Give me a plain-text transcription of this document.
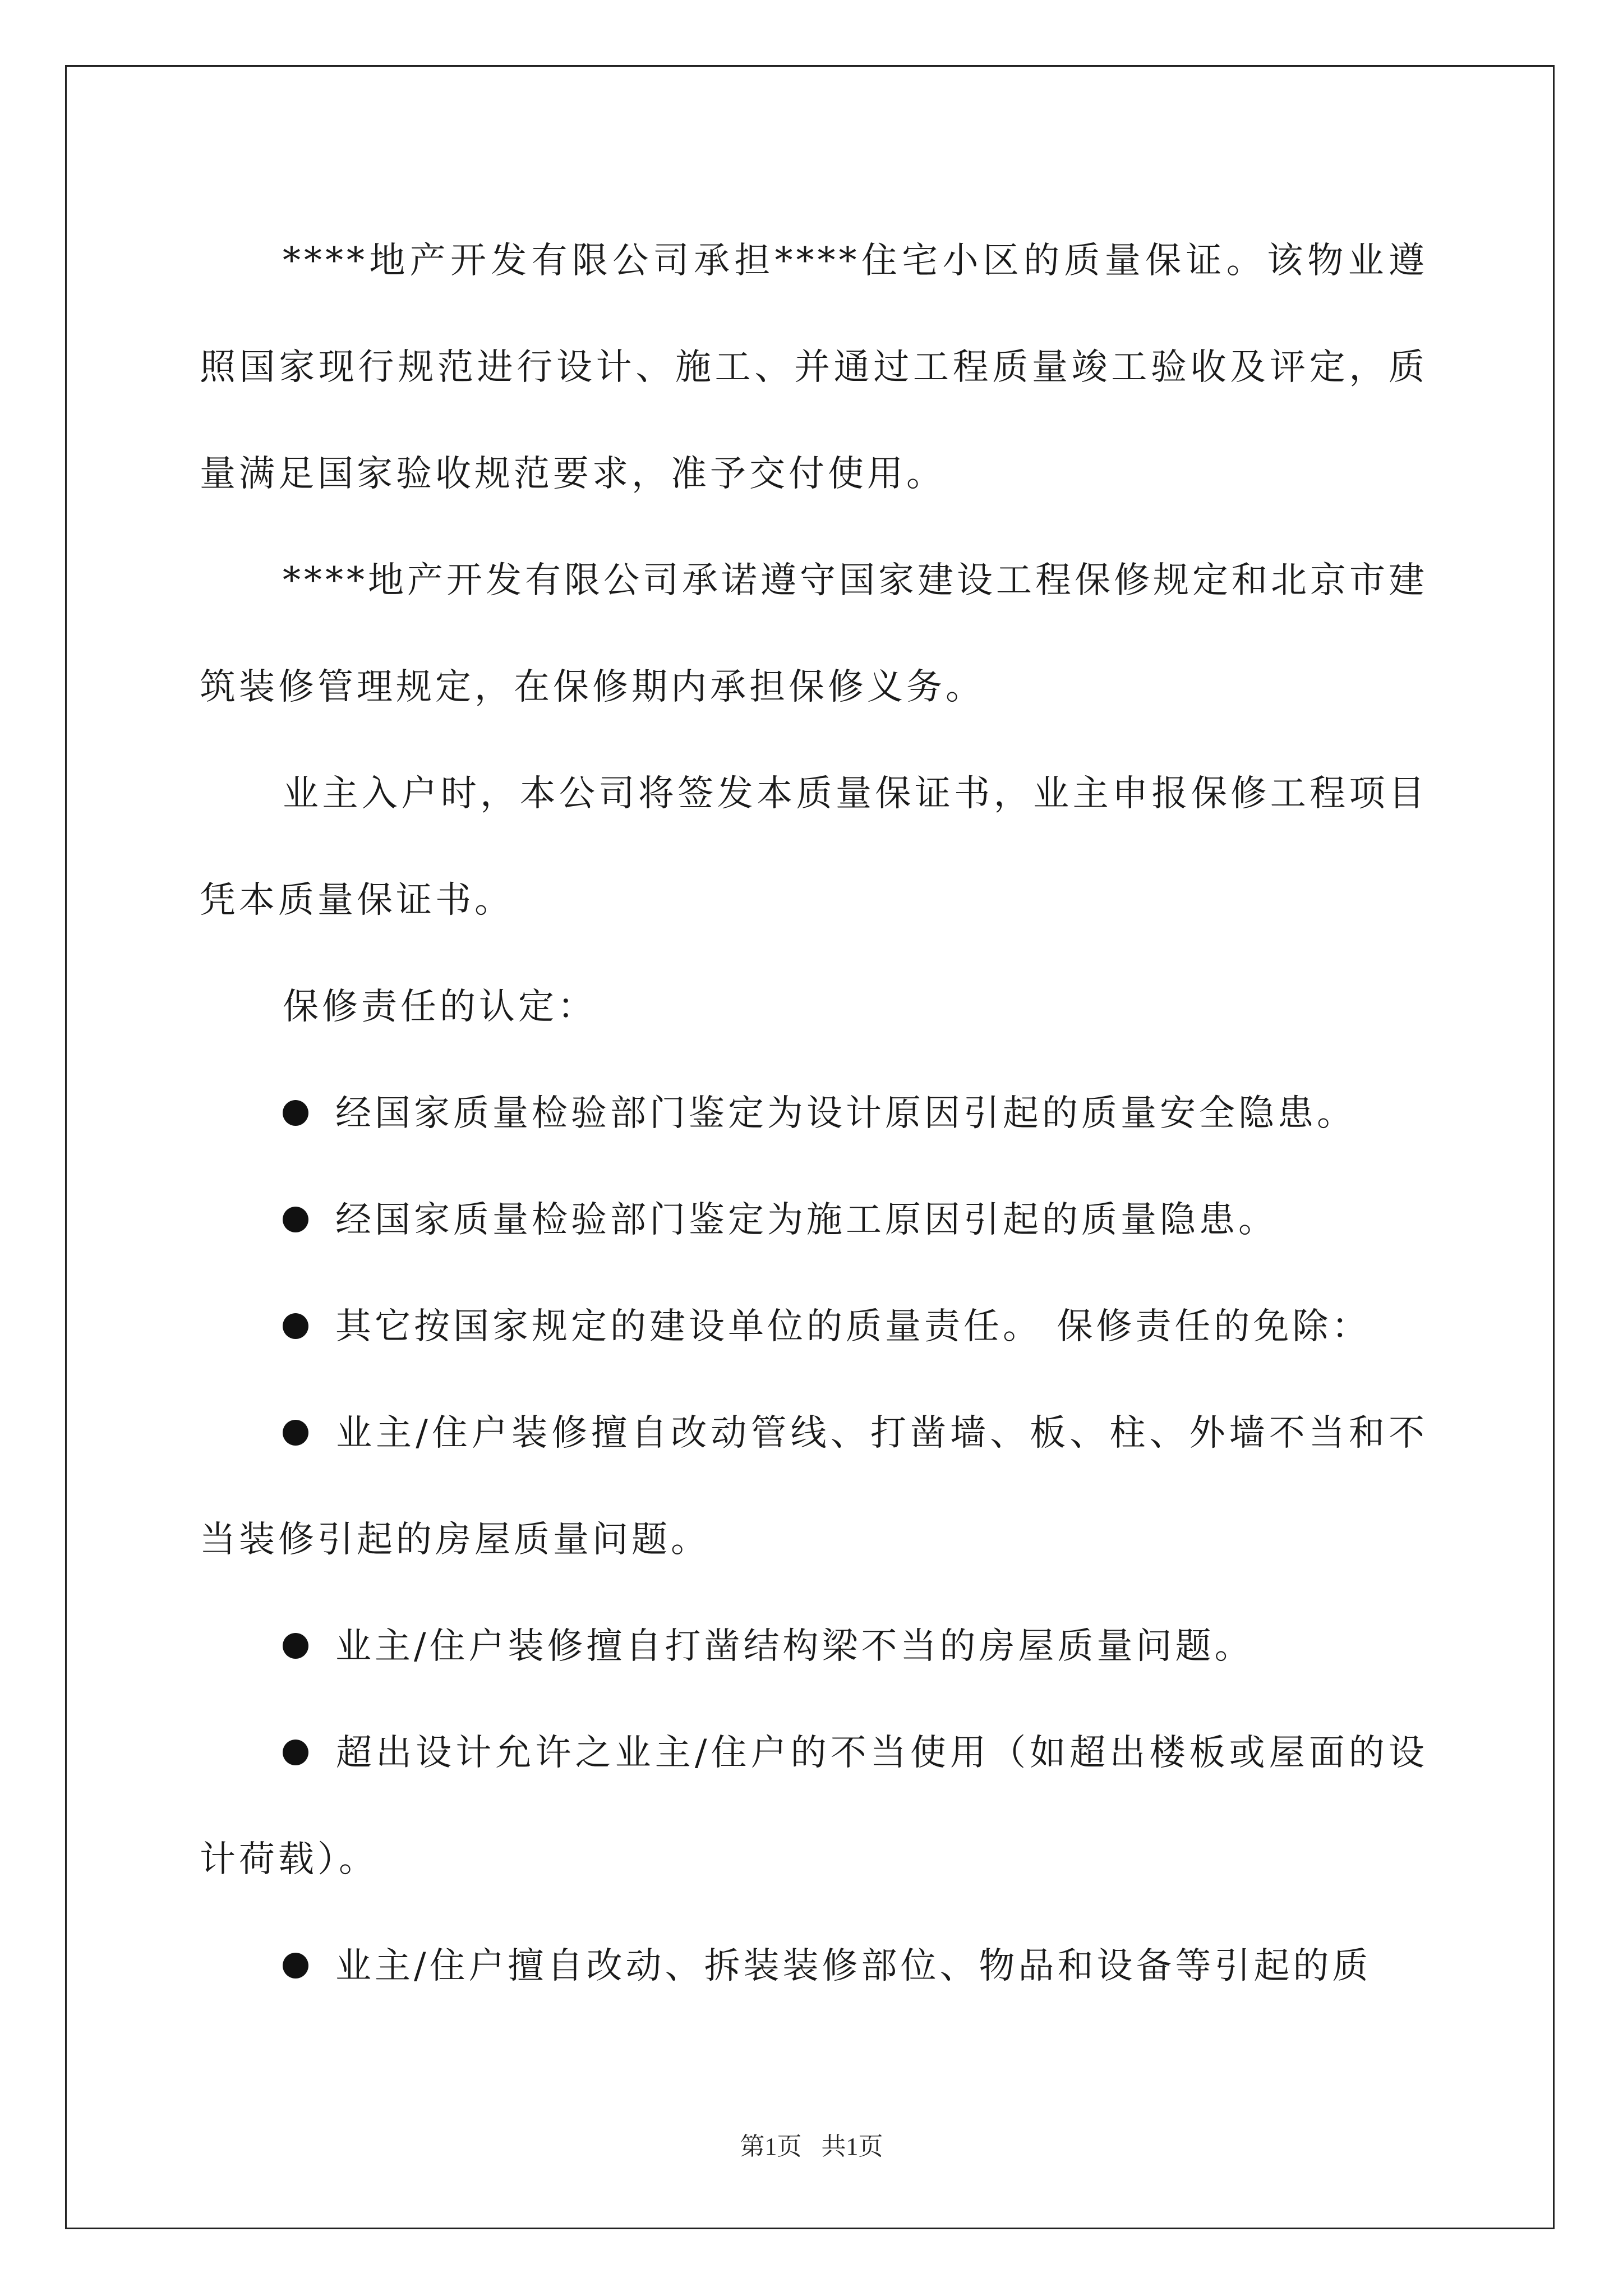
****地产开发有限公司承担****住宅小区的质量保证。该物业遵照国家现行规范进行设计、施工、并通过工程质量竣工验收及评定，质量满足国家验收规范要求，准予交付使用。

****地产开发有限公司承诺遵守国家建设工程保修规定和北京市建筑装修管理规定，在保修期内承担保修义务。

业主入户时，本公司将签发本质量保证书，业主申报保修工程项目凭本质量保证书。

保修责任的认定：

经国家质量检验部门鉴定为设计原因引起的质量安全隐患。

经国家质量检验部门鉴定为施工原因引起的质量隐患。

其它按国家规定的建设单位的质量责任。 保修责任的免除：

业主/住户装修擅自改动管线、打凿墙、板、柱、外墙不当和不当装修引起的房屋质量问题。

业主/住户装修擅自打凿结构梁不当的房屋质量问题。

超出设计允许之业主/住户的不当使用（如超出楼板或屋面的设计荷载）。

业主/住户擅自改动、拆装装修部位、物品和设备等引起的质

第1页 共1页
